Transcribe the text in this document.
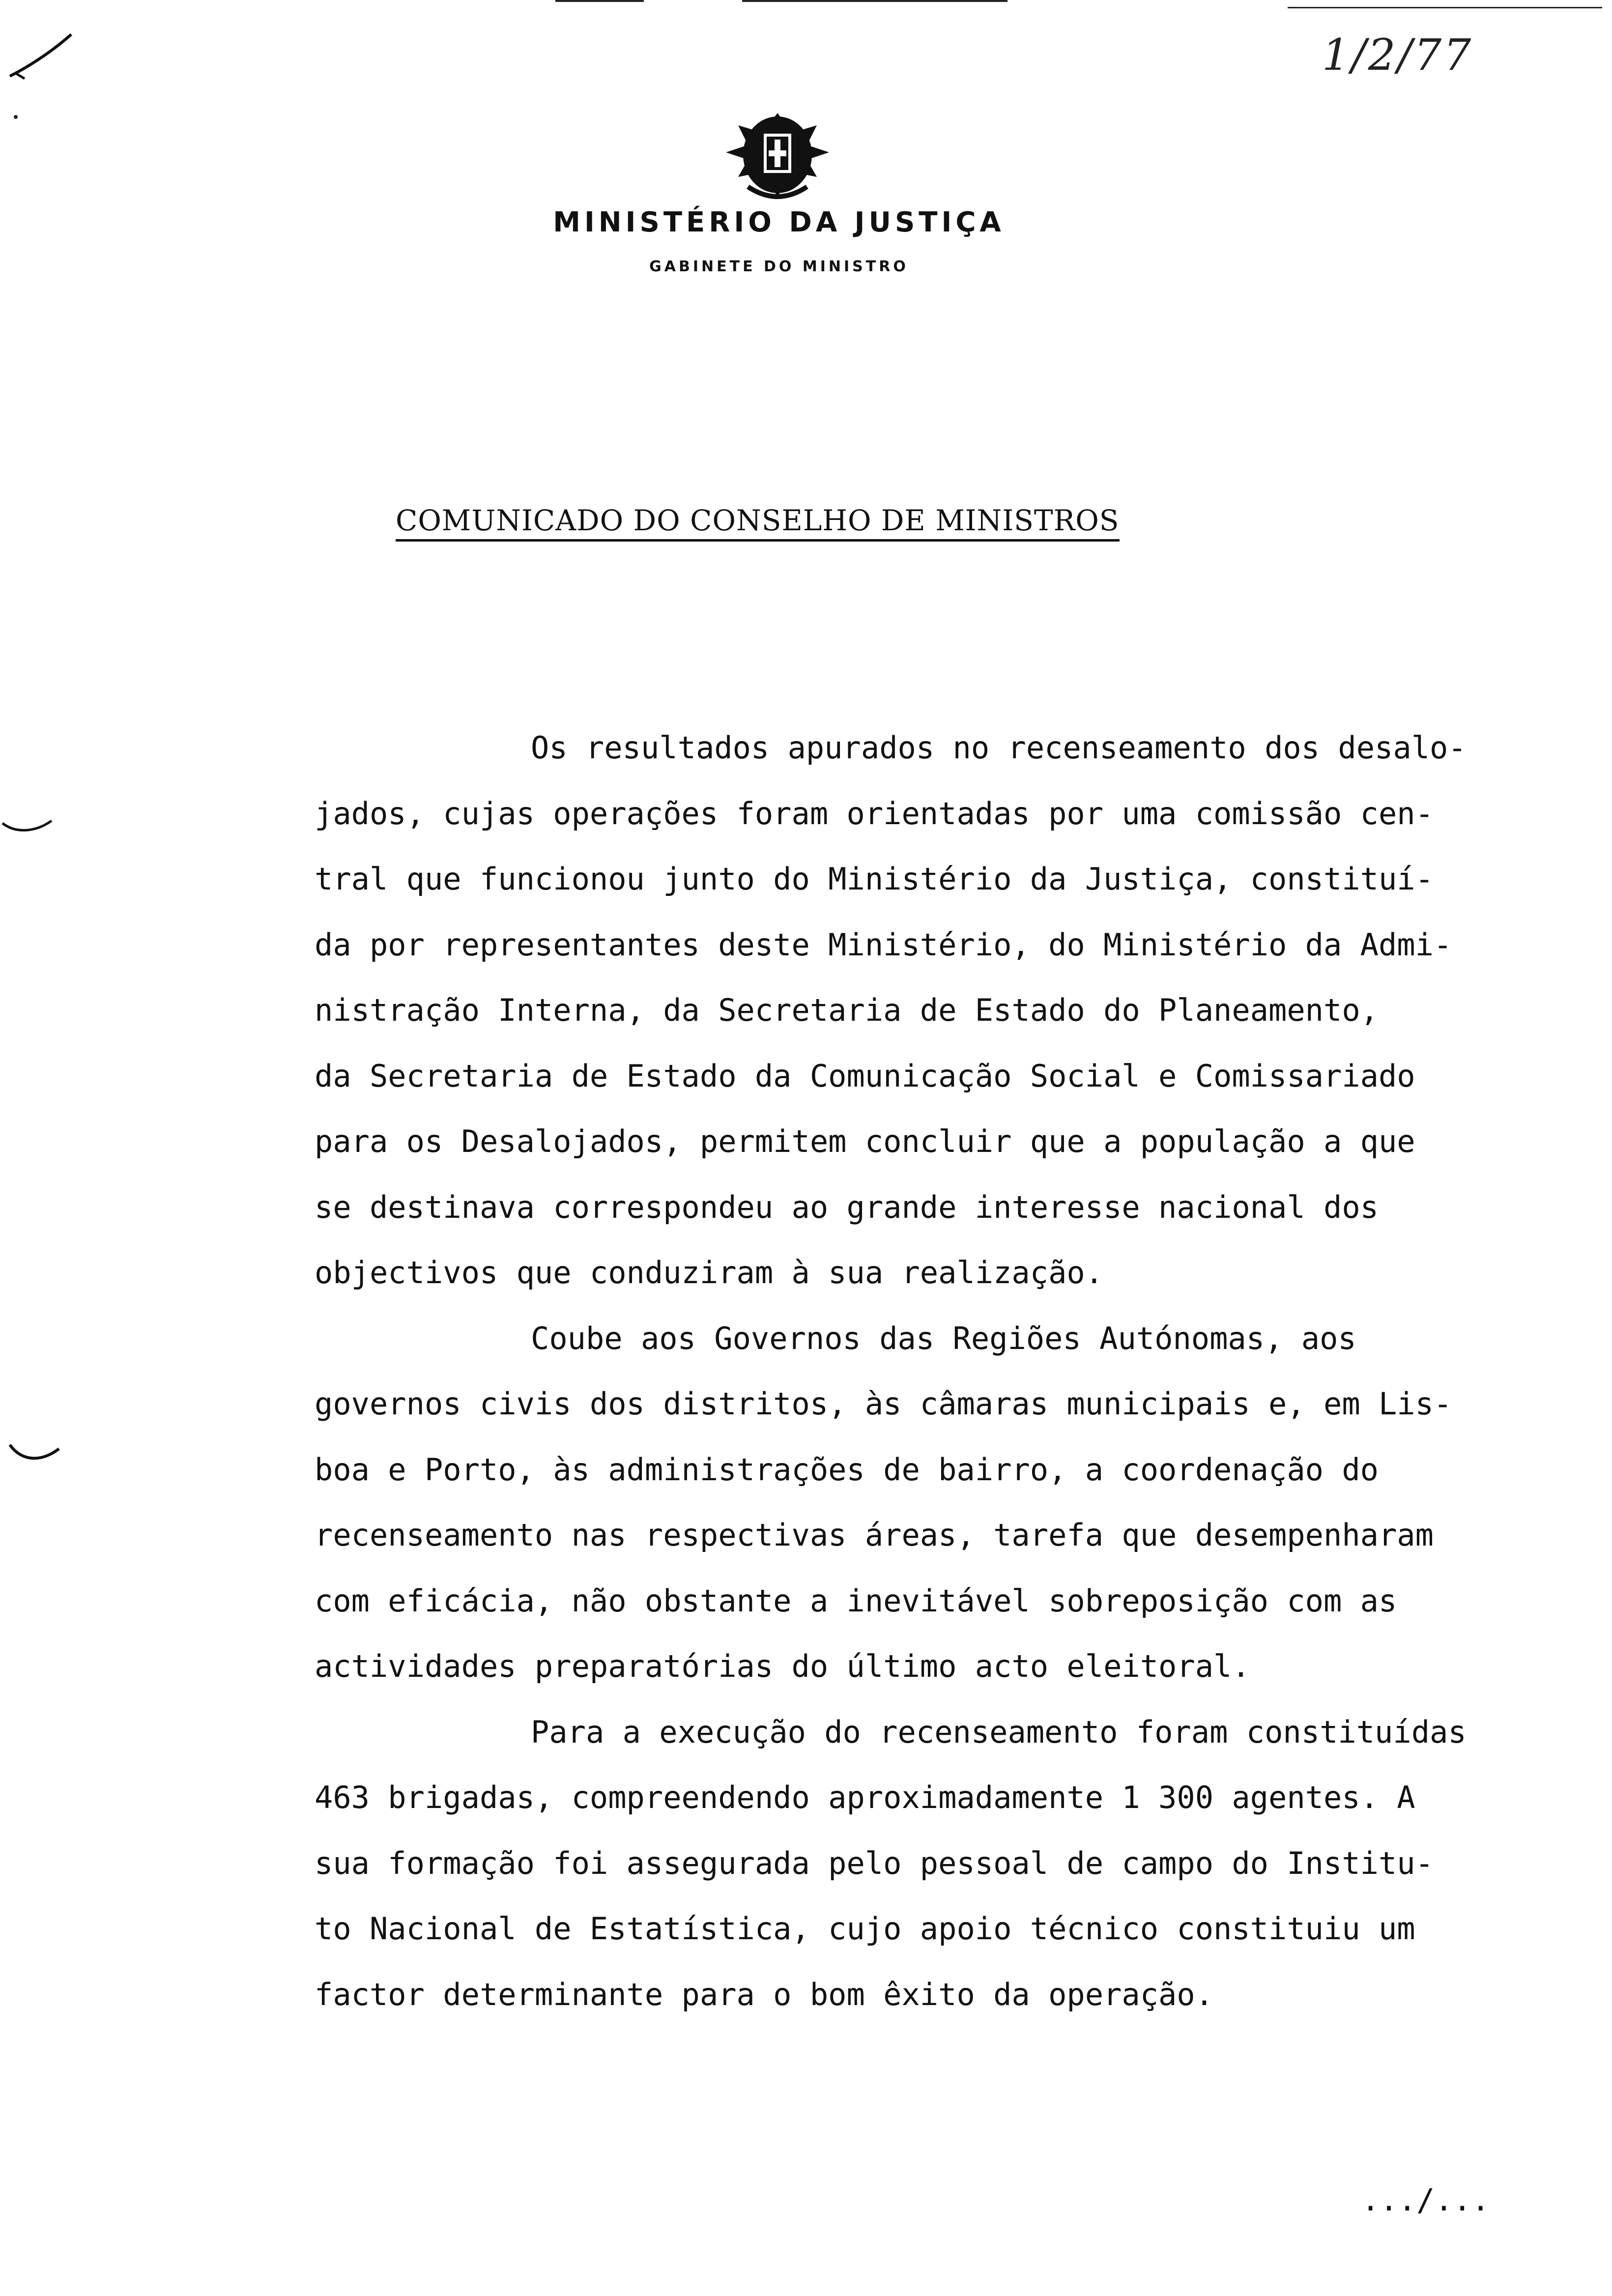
1/2/77
MINISTÉRIO DA JUSTIÇA
GABINETE DO MINISTRO
COMUNICADO DO CONSELHO DE MINISTROS
Os resultados apurados no recenseamento dos desalo-
jados, cujas operações foram orientadas por uma comissão cen-
tral que funcionou junto do Ministério da Justiça, constituí-
da por representantes deste Ministério, do Ministério da Admi-
nistração Interna, da Secretaria de Estado do Planeamento,
da Secretaria de Estado da Comunicação Social e Comissariado
para os Desalojados, permitem concluir que a população a que
se destinava correspondeu ao grande interesse nacional dos
objectivos que conduziram à sua realização.
Coube aos Governos das Regiões Autónomas, aos
governos civis dos distritos, às câmaras municipais e, em Lis-
boa e Porto, às administrações de bairro, a coordenação do
recenseamento nas respectivas áreas, tarefa que desempenharam
com eficácia, não obstante a inevitável sobreposição com as
actividades preparatórias do último acto eleitoral.
Para a execução do recenseamento foram constituídas
463 brigadas, compreendendo aproximadamente 1 300 agentes. A
sua formação foi assegurada pelo pessoal de campo do Institu-
to Nacional de Estatística, cujo apoio técnico constituiu um
factor determinante para o bom êxito da operação.
.../...
